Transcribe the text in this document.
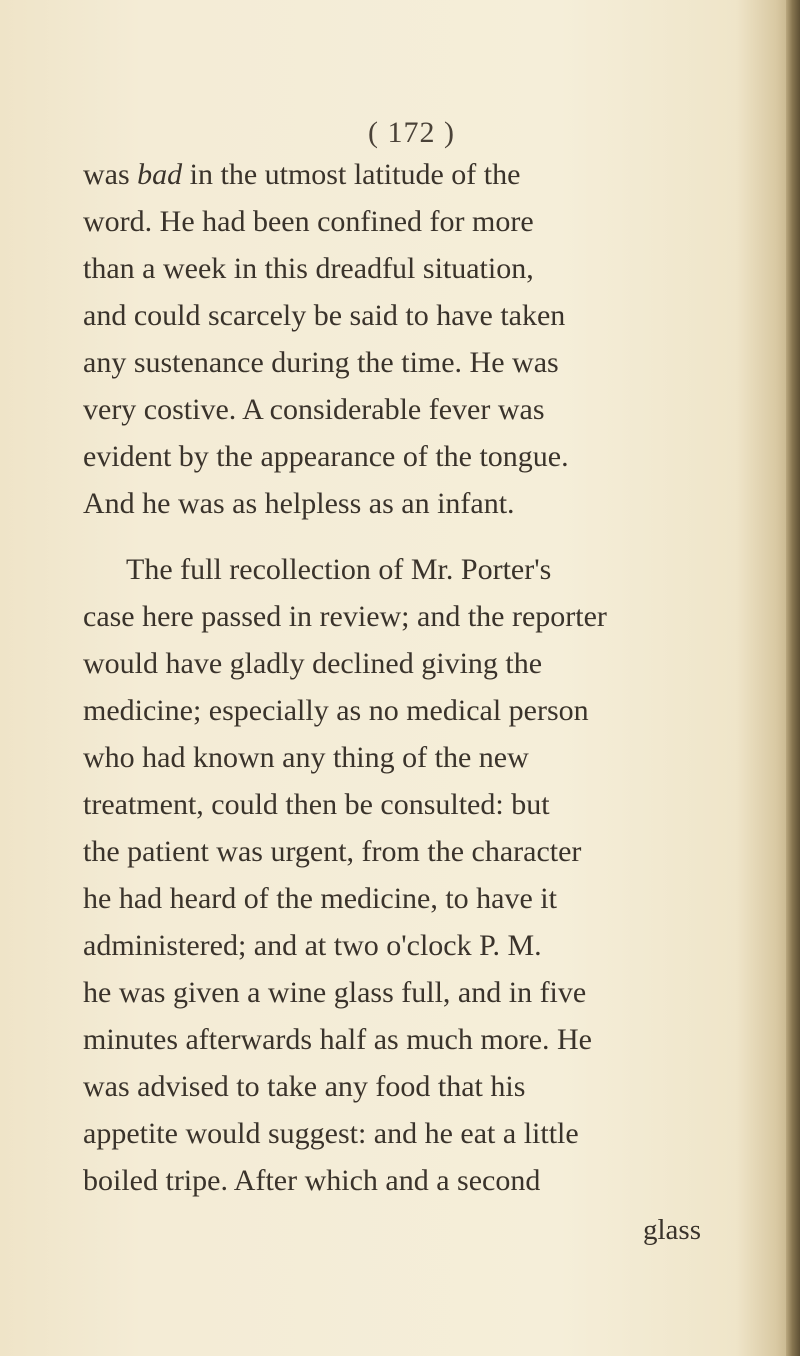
( 172 )
was bad in the utmost latitude of the
word. He had been confined for more
than a week in this dreadful situation,
and could scarcely be said to have taken
any sustenance during the time. He was
very costive. A considerable fever was
evident by the appearance of the tongue.
And he was as helpless as an infant.
The full recollection of Mr. Porter's
case here passed in review; and the reporter
would have gladly declined giving the
medicine; especially as no medical person
who had known any thing of the new
treatment, could then be consulted: but
the patient was urgent, from the character
he had heard of the medicine, to have it
administered; and at two o'clock P. M.
he was given a wine glass full, and in five
minutes afterwards half as much more. He
was advised to take any food that his
appetite would suggest: and he eat a little
boiled tripe. After which and a second
glass
